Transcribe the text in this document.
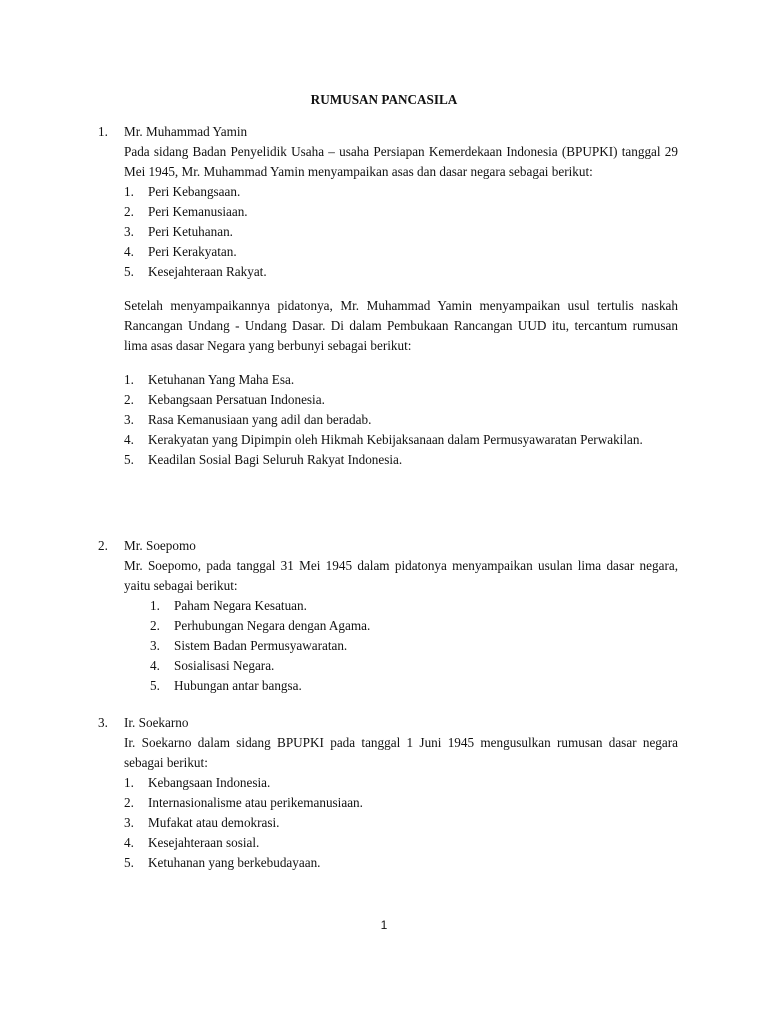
RUMUSAN PANCASILA
1. Mr. Muhammad Yamin

Pada sidang Badan Penyelidik Usaha – usaha Persiapan Kemerdekaan Indonesia (BPUPKI) tanggal 29 Mei 1945, Mr. Muhammad Yamin menyampaikan asas dan dasar negara sebagai berikut:

1. Peri Kebangsaan.
2. Peri Kemanusiaan.
3. Peri Ketuhanan.
4. Peri Kerakyatan.
5. Kesejahteraan Rakyat.

Setelah menyampaikannya pidatonya, Mr. Muhammad Yamin menyampaikan usul tertulis naskah Rancangan Undang - Undang Dasar. Di dalam Pembukaan Rancangan UUD itu, tercantum rumusan lima asas dasar Negara yang berbunyi sebagai berikut:

1. Ketuhanan Yang Maha Esa.
2. Kebangsaan Persatuan Indonesia.
3. Rasa Kemanusiaan yang adil dan beradab.
4. Kerakyatan yang Dipimpin oleh Hikmah Kebijaksanaan dalam Permusyawaratan Perwakilan.
5. Keadilan Sosial Bagi Seluruh Rakyat Indonesia.
2. Mr. Soepomo

Mr. Soepomo, pada tanggal 31 Mei 1945 dalam pidatonya menyampaikan usulan lima dasar negara, yaitu sebagai berikut:

1. Paham Negara Kesatuan.
2. Perhubungan Negara dengan Agama.
3. Sistem Badan Permusyawaratan.
4. Sosialisasi Negara.
5. Hubungan antar bangsa.
3. Ir. Soekarno

Ir. Soekarno dalam sidang BPUPKI pada tanggal 1 Juni 1945 mengusulkan rumusan dasar negara sebagai berikut:

1. Kebangsaan Indonesia.
2. Internasionalisme atau perikemanusiaan.
3. Mufakat atau demokrasi.
4. Kesejahteraan sosial.
5. Ketuhanan yang berkebudayaan.
1
